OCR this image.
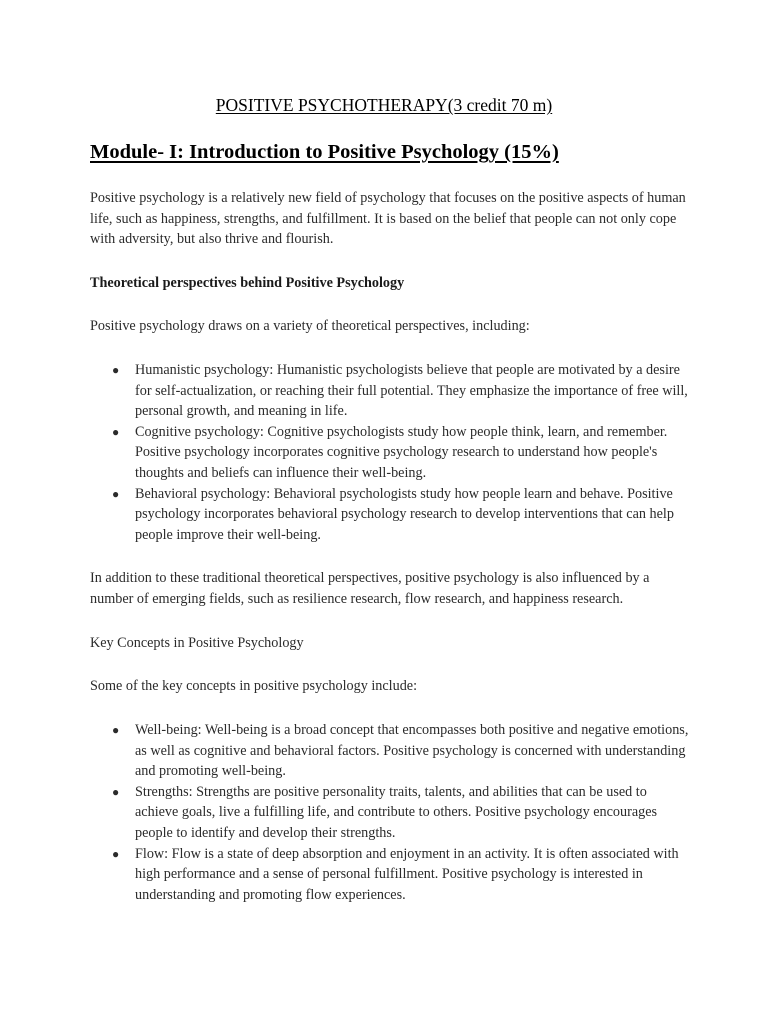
POSITIVE PSYCHOTHERAPY(3 credit 70 m)
Module- I: Introduction to Positive Psychology (15%)

Positive psychology is a relatively new field of psychology that focuses on the positive aspects of human life, such as happiness, strengths, and fulfillment. It is based on the belief that people can not only cope with adversity, but also thrive and flourish.

Theoretical perspectives behind Positive Psychology

Positive psychology draws on a variety of theoretical perspectives, including:

● Humanistic psychology: Humanistic psychologists believe that people are motivated by a desire for self-actualization, or reaching their full potential. They emphasize the importance of free will, personal growth, and meaning in life.
● Cognitive psychology: Cognitive psychologists study how people think, learn, and remember. Positive psychology incorporates cognitive psychology research to understand how people's thoughts and beliefs can influence their well-being.
● Behavioral psychology: Behavioral psychologists study how people learn and behave. Positive psychology incorporates behavioral psychology research to develop interventions that can help people improve their well-being.

In addition to these traditional theoretical perspectives, positive psychology is also influenced by a number of emerging fields, such as resilience research, flow research, and happiness research.

Key Concepts in Positive Psychology

Some of the key concepts in positive psychology include:

● Well-being: Well-being is a broad concept that encompasses both positive and negative emotions, as well as cognitive and behavioral factors. Positive psychology is concerned with understanding and promoting well-being.
● Strengths: Strengths are positive personality traits, talents, and abilities that can be used to achieve goals, live a fulfilling life, and contribute to others. Positive psychology encourages people to identify and develop their strengths.
● Flow: Flow is a state of deep absorption and enjoyment in an activity. It is often associated with high performance and a sense of personal fulfillment. Positive psychology is interested in understanding and promoting flow experiences.
